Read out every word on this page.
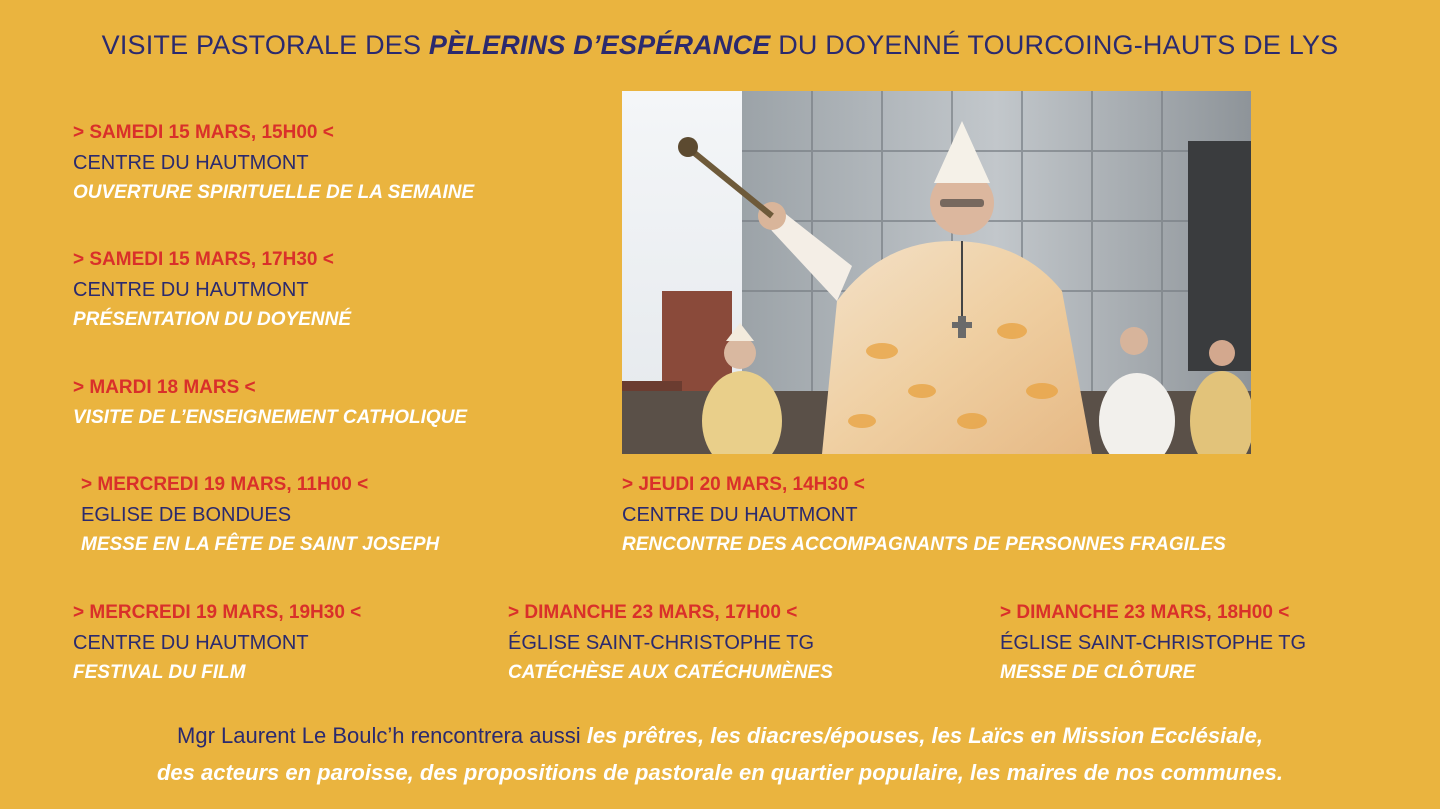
VISITE PASTORALE DES PÈLERINS D’ESPÉRANCE DU DOYENNÉ TOURCOING-HAUTS DE LYS
> SAMEDI 15 MARS, 15H00 <
CENTRE DU HAUTMONT
OUVERTURE SPIRITUELLE DE LA SEMAINE
> SAMEDI 15 MARS, 17H30 <
CENTRE DU HAUTMONT
PRÉSENTATION DU DOYENNÉ
> MARDI 18 MARS <
VISITE DE L’ENSEIGNEMENT CATHOLIQUE
> MERCREDI 19 MARS, 11H00 <
EGLISE DE BONDUES
MESSE EN LA FÊTE DE SAINT JOSEPH
> JEUDI 20 MARS, 14H30 <
CENTRE DU HAUTMONT
RENCONTRE DES ACCOMPAGNANTS DE PERSONNES FRAGILES
> MERCREDI 19 MARS, 19H30 <
CENTRE DU HAUTMONT
FESTIVAL DU FILM
> DIMANCHE 23 MARS, 17H00 <
ÉGLISE SAINT-CHRISTOPHE TG
CATÉCHÈSE AUX CATÉCHUMÈNES
> DIMANCHE 23 MARS, 18H00 <
ÉGLISE SAINT-CHRISTOPHE TG
MESSE DE CLÔTURE
Mgr Laurent Le Boulc’h rencontrera aussi les prêtres, les diacres/épouses, les Laïcs en Mission Ecclésiale,
des acteurs en paroisse, des propositions de pastorale en quartier populaire, les maires de nos communes.
